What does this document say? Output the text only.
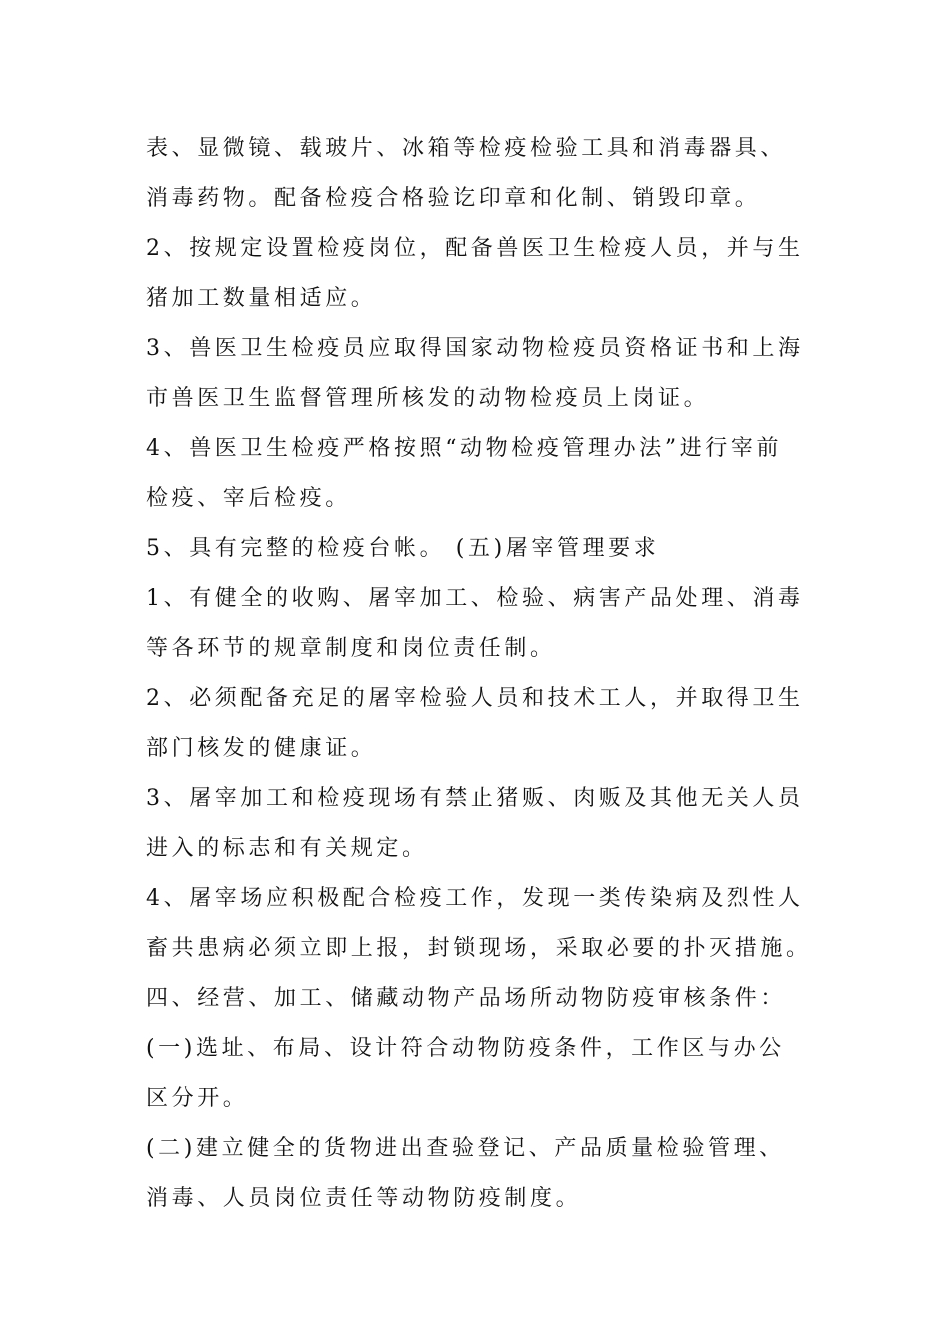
表、显微镜、载玻片、冰箱等检疫检验工具和消毒器具、
消毒药物。配备检疫合格验讫印章和化制、销毁印章。
2、按规定设置检疫岗位，配备兽医卫生检疫人员，并与生
猪加工数量相适应。
3、兽医卫生检疫员应取得国家动物检疫员资格证书和上海
市兽医卫生监督管理所核发的动物检疫员上岗证。
4、兽医卫生检疫严格按照“动物检疫管理办法”进行宰前
检疫、宰后检疫。
5、具有完整的检疫台帐。 (五)屠宰管理要求
1、有健全的收购、屠宰加工、检验、病害产品处理、消毒
等各环节的规章制度和岗位责任制。
2、必须配备充足的屠宰检验人员和技术工人，并取得卫生
部门核发的健康证。
3、屠宰加工和检疫现场有禁止猪贩、肉贩及其他无关人员
进入的标志和有关规定。
4、屠宰场应积极配合检疫工作，发现一类传染病及烈性人
畜共患病必须立即上报，封锁现场，采取必要的扑灭措施。
四、经营、加工、储藏动物产品场所动物防疫审核条件：
(一)选址、布局、设计符合动物防疫条件，工作区与办公
区分开。
(二)建立健全的货物进出查验登记、产品质量检验管理、
消毒、人员岗位责任等动物防疫制度。
